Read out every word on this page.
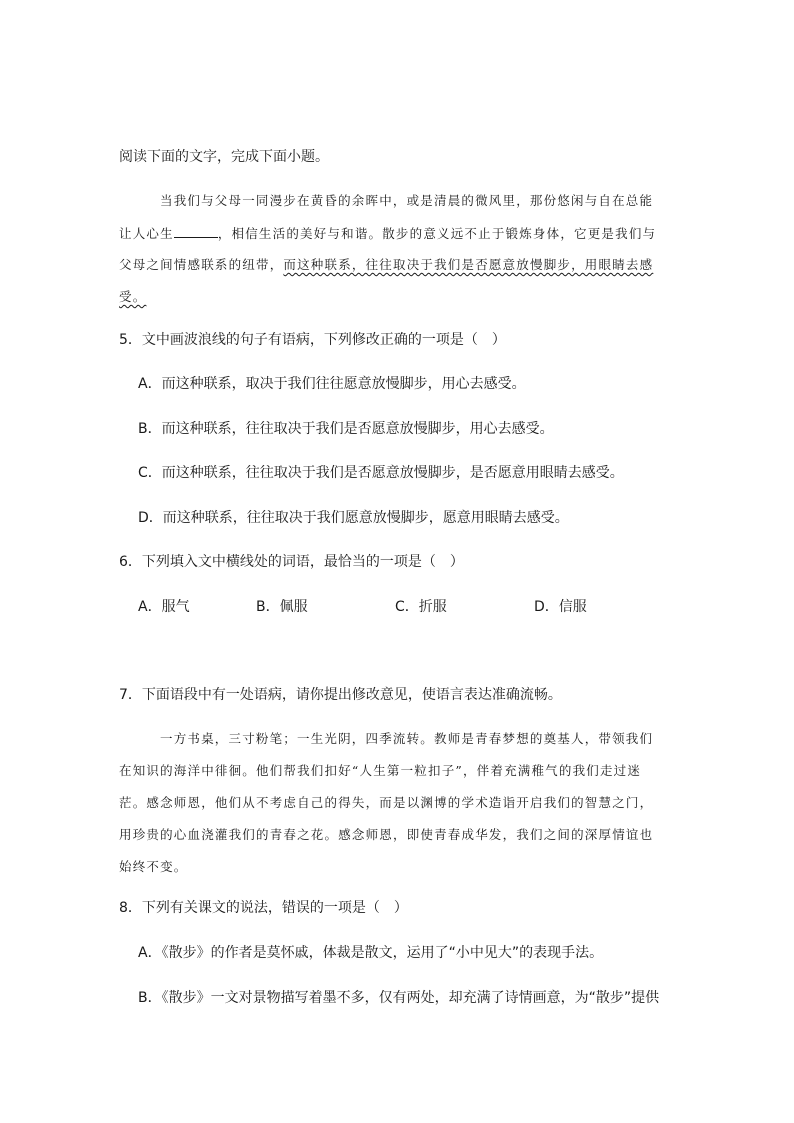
阅读下面的文字，完成下面小题。
当我们与父母一同漫步在黄昏的余晖中，或是清晨的微风里，那份悠闲与自在总能
让人心生	，相信生活的美好与和谐。散步的意义远不止于锻炼身体，它更是我们与
父母之间情感联系的纽带，而这种联系，往往取决于我们是否愿意放慢脚步，用眼睛去感
受。
5．文中画波浪线的句子有语病，下列修改正确的一项是（　）
A．而这种联系，取决于我们往往愿意放慢脚步，用心去感受。
B．而这种联系，往往取决于我们是否愿意放慢脚步，用心去感受。
C．而这种联系，往往取决于我们是否愿意放慢脚步，是否愿意用眼睛去感受。
D．而这种联系，往往取决于我们愿意放慢脚步，愿意用眼睛去感受。
6．下列填入文中横线处的词语，最恰当的一项是（　）
A．服气	B．佩服	C．折服	D．信服
7．下面语段中有一处语病，请你提出修改意见，使语言表达准确流畅。
一方书桌，三寸粉笔；一生光阴，四季流转。教师是青春梦想的奠基人，带领我们
在知识的海洋中徘徊。他们帮我们扣好“人生第一粒扣子”，伴着充满稚气的我们走过迷
茫。感念师恩，他们从不考虑自己的得失，而是以渊博的学术造诣开启我们的智慧之门，
用珍贵的心血浇灌我们的青春之花。感念师恩，即使青春成华发，我们之间的深厚情谊也
始终不变。
8．下列有关课文的说法，错误的一项是（　）
A．《散步》的作者是莫怀戚，体裁是散文，运用了“小中见大”的表现手法。
B．《散步》一文对景物描写着墨不多，仅有两处，却充满了诗情画意，为“散步”提供
